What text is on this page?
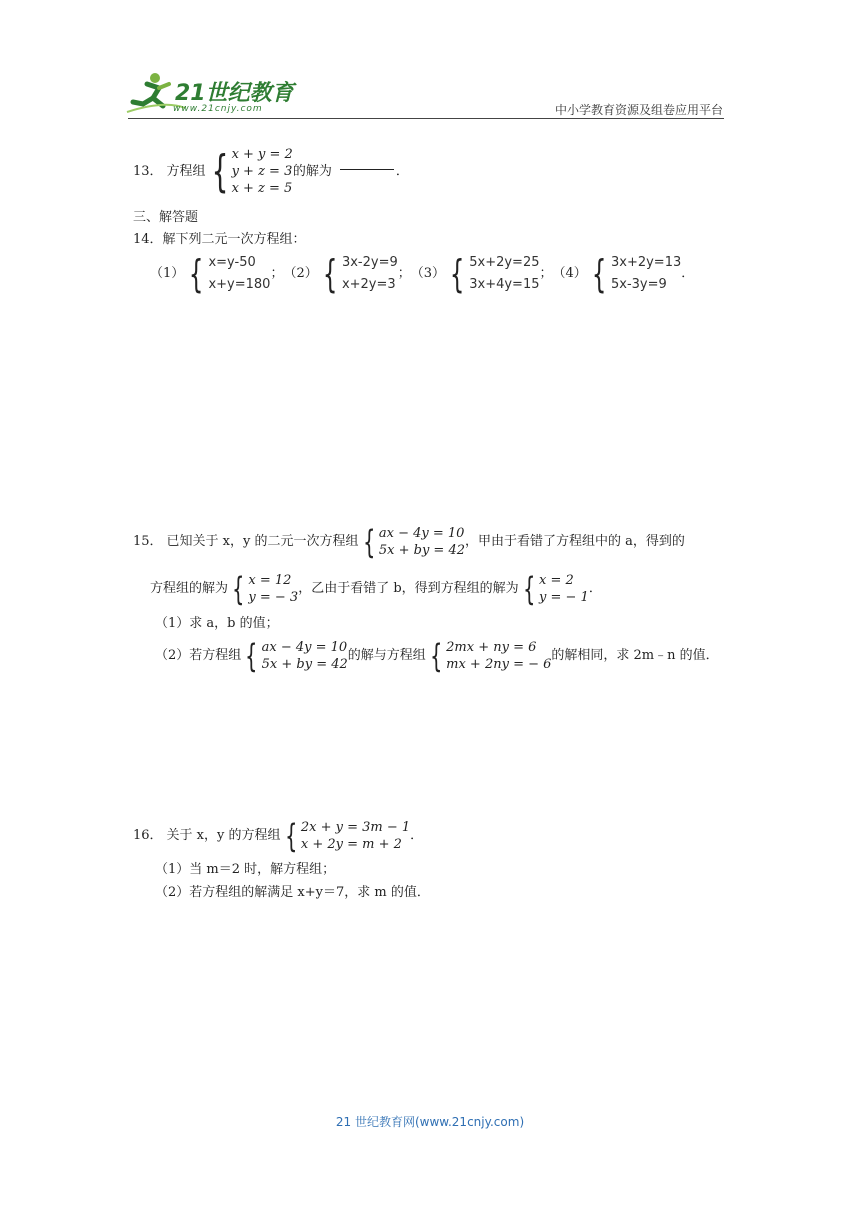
21世纪教育
www.21cnjy.com	中小学教育资源及组卷应用平台
13． 方程组 { x + y = 2
y + z = 3
x + z = 5
的解为	．
三、解答题
14．解下列二元一次方程组：
（1） { x=y-50
x+y=180
； （2） { 3x-2y=9
x+2y=3
； （3） { 5x+2y=25
3x+4y=15
； （4） { 3x+2y=13
5x-3y=9
．
15． 已知关于 x，y 的二元一次方程组 { ax − 4y = 10
5x + by = 42
，甲由于看错了方程组中的 a，得到的
方程组的解为 { x = 12
y = − 3
，乙由于看错了 b，得到方程组的解为 { x = 2
y = − 1
．
（1）求 a，b 的值；
（2）若方程组 { ax − 4y = 10
5x + by = 42
的解与方程组 { 2mx + ny = 6
mx + 2ny = − 6
的解相同，求 2m﹣n 的值．
16． 关于 x，y 的方程组 { 2x + y = 3m − 1
x + 2y = m + 2
．
（1）当 m＝2 时，解方程组；
（2）若方程组的解满足 x+y＝7，求 m 的值．
21 世纪教育网(www.21cnjy.com)
